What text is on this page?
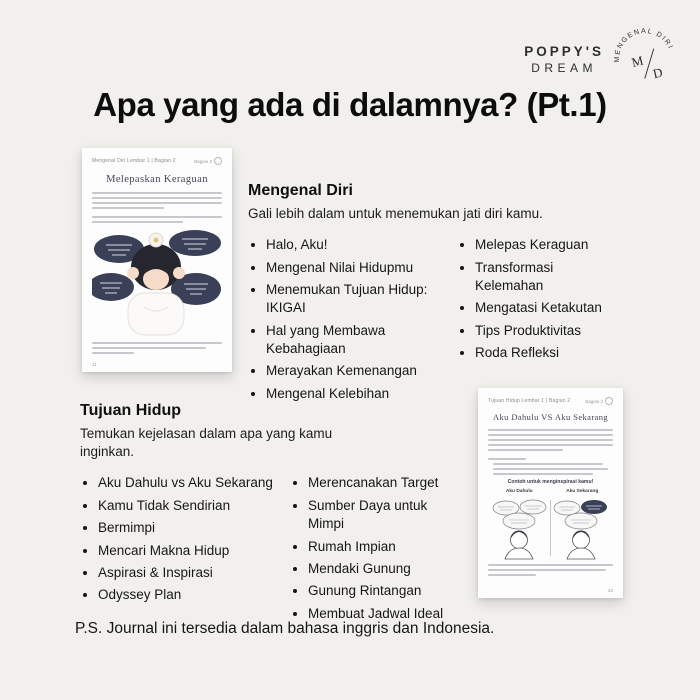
POPPY'S
DREAM
MENGENAL DIRI
M
D
Apa yang ada di dalamnya? (Pt.1)
Mengenal Diri Lembar 1 | Bagian 2	Bagian 2
Melepaskan Keraguan
11
Mengenal Diri
Gali lebih dalam untuk menemukan jati diri kamu.
• Halo, Aku!
• Mengenal Nilai Hidupmu
• Menemukan Tujuan Hidup: IKIGAI
• Hal yang Membawa Kebahagiaan
• Merayakan Kemenangan
• Mengenal Kelebihan
• Melepas Keraguan
• Transformasi Kelemahan
• Mengatasi Ketakutan
• Tips Produktivitas
• Roda Refleksi
Tujuan Hidup
Temukan kejelasan dalam apa yang kamu inginkan.
• Aku Dahulu vs Aku Sekarang
• Kamu Tidak Sendirian
• Bermimpi
• Mencari Makna Hidup
• Aspirasi & Inspirasi
• Odyssey Plan
• Merencanakan Target
• Sumber Daya untuk Mimpi
• Rumah Impian
• Mendaki Gunung
• Gunung Rintangan
• Membuat Jadwal Ideal
Tujuan Hidup Lembar 1 | Bagian 2	Bagian 2
Aku Dahulu VS Aku Sekarang
Contoh untuk menginspirasi kamu!
Aku Dahulu	Aku Sekarang
42
P.S. Journal ini tersedia dalam bahasa inggris dan Indonesia.
